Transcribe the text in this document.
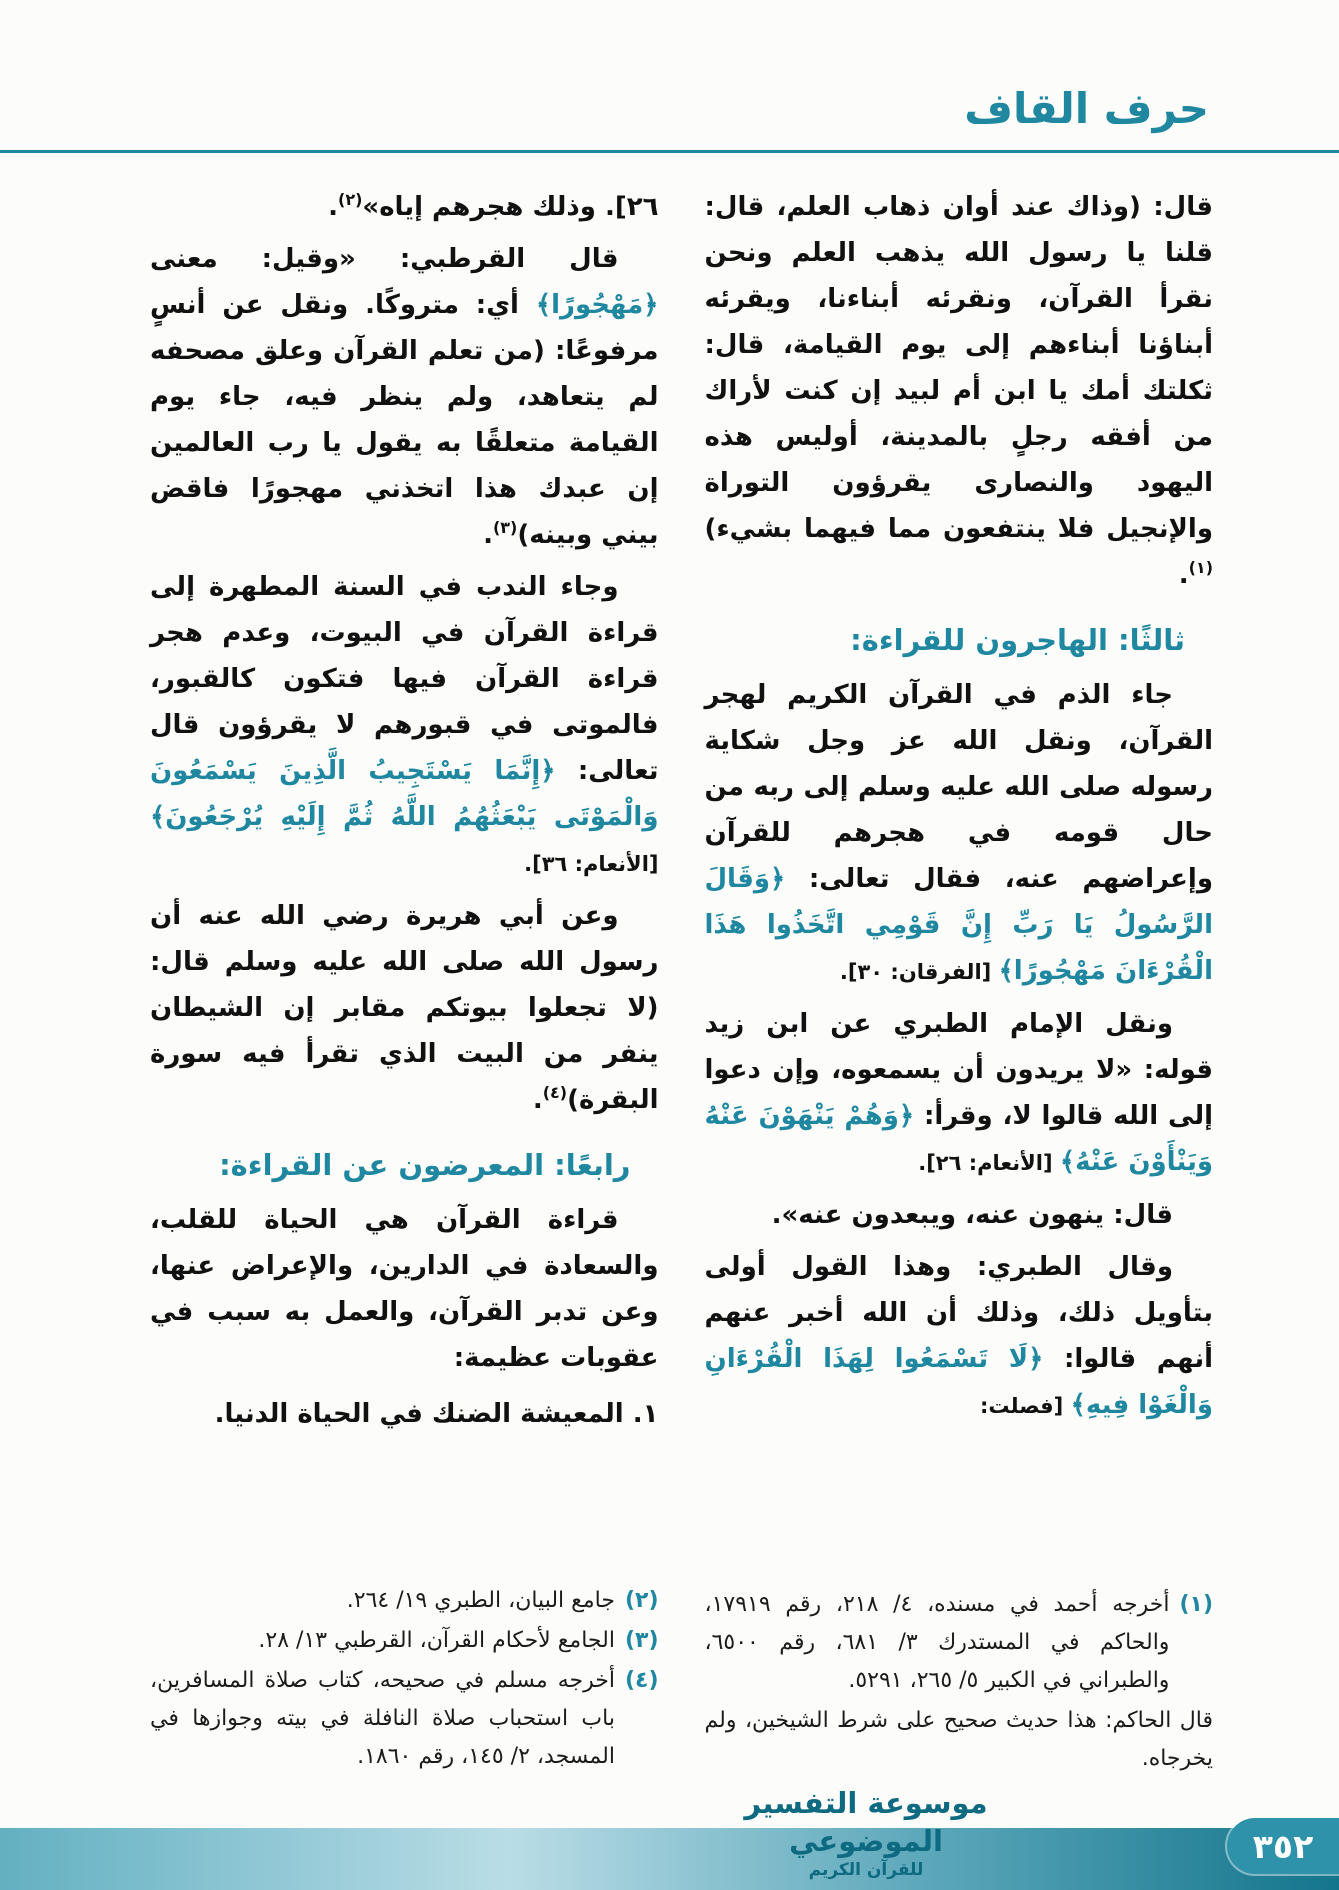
حرف القاف

قال: (وذاك عند أوان ذهاب العلم، قال: قلنا يا رسول الله يذهب العلم ونحن نقرأ القرآن، ونقرئه أبناءنا، ويقرئه أبناؤنا أبناءهم إلى يوم القيامة، قال: ثكلتك أمك يا ابن أم لبيد إن كنت لأراك من أفقه رجلٍ بالمدينة، أوليس هذه اليهود والنصارى يقرؤون التوراة والإنجيل فلا ينتفعون مما فيهما بشيء)$^{(١)}$.

ثالثًا: الهاجرون للقراءة:

جاء الذم في القرآن الكريم لهجر القرآن، ونقل الله عز وجل شكاية رسوله صلى الله عليه وسلم إلى ربه من حال قومه في هجرهم للقرآن وإعراضهم عنه، فقال تعالى: ﴿وَقَالَ الرَّسُولُ يَا رَبِّ إِنَّ قَوْمِي اتَّخَذُوا هَذَا الْقُرْءَانَ مَهْجُورًا﴾ [الفرقان: ٣٠].

ونقل الإمام الطبري عن ابن زيد قوله: «لا يريدون أن يسمعوه، وإن دعوا إلى الله قالوا لا، وقرأ: ﴿وَهُمْ يَنْهَوْنَ عَنْهُ وَيَنْأَوْنَ عَنْهُ﴾ [الأنعام: ٢٦].

قال: ينهون عنه، ويبعدون عنه».

وقال الطبري: وهذا القول أولى بتأويل ذلك، وذلك أن الله أخبر عنهم أنهم قالوا: ﴿لَا تَسْمَعُوا لِهَذَا الْقُرْءَانِ وَالْغَوْا فِيهِ﴾ [فصلت:

(١)
أخرجه أحمد في مسنده، ٤/ ٢١٨، رقم ١٧٩١٩، والحاكم في المستدرك ٣/ ٦٨١، رقم ٦٥٠٠، والطبراني في الكبير ٥/ ٢٦٥، ٥٢٩١.
قال الحاكم: هذا حديث صحيح على شرط الشيخين، ولم يخرجاه.

٢٦]. وذلك هجرهم إياه»$^{(٢)}$.

قال القرطبي: «وقيل: معنى ﴿مَهْجُورًا﴾ أي: متروكًا. ونقل عن أنسٍ مرفوعًا: (من تعلم القرآن وعلق مصحفه لم يتعاهد، ولم ينظر فيه، جاء يوم القيامة متعلقًا به يقول يا رب العالمين إن عبدك هذا اتخذني مهجورًا فاقض بيني وبينه)$^{(٣)}$.

وجاء الندب في السنة المطهرة إلى قراءة القرآن في البيوت، وعدم هجر قراءة القرآن فيها فتكون كالقبور، فالموتى في قبورهم لا يقرؤون قال تعالى: ﴿إِنَّمَا يَسْتَجِيبُ الَّذِينَ يَسْمَعُونَ وَالْمَوْتَى يَبْعَثُهُمُ اللَّهُ ثُمَّ إِلَيْهِ يُرْجَعُونَ﴾ [الأنعام: ٣٦].

وعن أبي هريرة رضي الله عنه أن رسول الله صلى الله عليه وسلم قال: (لا تجعلوا بيوتكم مقابر إن الشيطان ينفر من البيت الذي تقرأ فيه سورة البقرة)$^{(٤)}$.

رابعًا: المعرضون عن القراءة:

قراءة القرآن هي الحياة للقلب، والسعادة في الدارين، والإعراض عنها، وعن تدبر القرآن، والعمل به سبب في عقوبات عظيمة:

١. المعيشة الضنك في الحياة الدنيا.

(٢)
جامع البيان، الطبري ١٩/ ٢٦٤.
(٣)
الجامع لأحكام القرآن، القرطبي ١٣/ ٢٨.
(٤)
أخرجه مسلم في صحيحه، كتاب صلاة المسافرين، باب استحباب صلاة النافلة في بيته وجوازها في المسجد، ٢/ ١٤٥، رقم ١٨٦٠.
موسوعة التفسير الموضوعي
للقرآن الكريم
٣٥٢
